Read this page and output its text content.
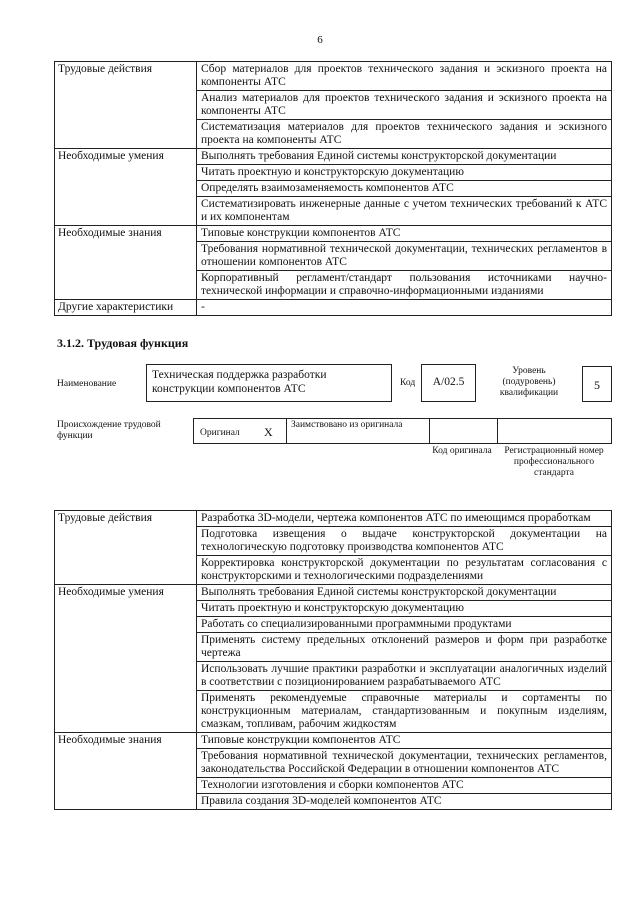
6
Трудовые действия	Сбор материалов для проектов технического задания и эскизного проекта на компоненты АТС
	Анализ материалов для проектов технического задания и эскизного проекта на компоненты АТС
	Систематизация материалов для проектов технического задания и эскизного проекта на компоненты АТС
Необходимые умения	Выполнять требования Единой системы конструкторской документации
	Читать проектную и конструкторскую документацию
	Определять взаимозаменяемость компонентов АТС
	Систематизировать инженерные данные с учетом технических требований к АТС и их компонентам
Необходимые знания	Типовые конструкции компонентов АТС
	Требования нормативной технической документации, технических регламентов в отношении компонентов АТС
	Корпоративный регламент/стандарт пользования источниками научно-технической информации и справочно-информационными изданиями
Другие характеристики	-
3.1.2. Трудовая функция
Наименование
Техническая поддержка разработки конструкции компонентов АТС	Код	A/02.5
Уровень (подуровень) квалификации
5
Происхождение трудовой функции	Оригинал X Заимствовано из оригинала
Код оригинала	Регистрационный номер профессионального стандарта
Трудовые действия	Разработка 3D-модели, чертежа компонентов АТС по имеющимся проработкам
	Подготовка извещения о выдаче конструкторской документации на технологическую подготовку производства компонентов АТС
	Корректировка конструкторской документации по результатам согласования с конструкторскими и технологическими подразделениями
Необходимые умения	Выполнять требования Единой системы конструкторской документации
	Читать проектную и конструкторскую документацию
	Работать со специализированными программными продуктами
	Применять систему предельных отклонений размеров и форм при разработке чертежа
	Использовать лучшие практики разработки и эксплуатации аналогичных изделий в соответствии с позиционированием разрабатываемого АТС
	Применять рекомендуемые справочные материалы и сортаменты по конструкционным материалам, стандартизованным и покупным изделиям, смазкам, топливам, рабочим жидкостям
Необходимые знания	Типовые конструкции компонентов АТС
	Требования нормативной технической документации, технических регламентов, законодательства Российской Федерации в отношении компонентов АТС
	Технологии изготовления и сборки компонентов АТС
	Правила создания 3D-моделей компонентов АТС
